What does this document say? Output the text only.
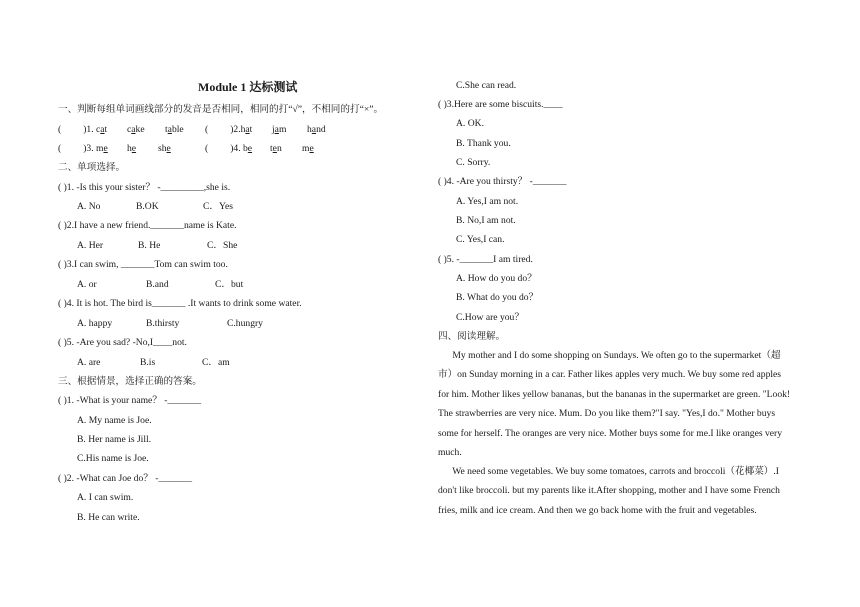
Module 1 达标测试
一、判断每组单词画线部分的发音是否相同，相同的打“√”，不相同的打“×”。
( )1. cat cake table ( )2.hat jam hand
( )3. me he she	( )4. be ten me
二、单项选择。
( )1. -Is this your sister？ -_________,she is.
A. No	B.OK	C．Yes
( )2.I have a new friend._______name is Kate.
A. Her	B. He	C．She
( )3.I can swim, _______Tom can swim too.
A. or	B.and	C．but
( )4. It is hot. The bird is_______ .It wants to drink some water.
A. happy	B.thirsty	C.hungry
( )5. -Are you sad? -No,I____not.
A. are	B.is	C．am
三、根据情景，选择正确的答案。
( )1. -What is your name？ -_______
A. My name is Joe.
B. Her name is Jill.
C.His name is Joe.
( )2. -What can Joe do？ -_______
A. I can swim.
B. He can write.
C.She can read.
( )3.Here are some biscuits.____
A. OK.
B. Thank you.
C. Sorry.
( )4. -Are you thirsty？ -_______
A. Yes,I am not.
B. No,I am not.
C. Yes,I can.
( )5. -_______I am tired.
A. How do you do？
B. What do you do？
C.How are you？
四、阅读理解。
My mother and I do some shopping on Sundays. We often go to the supermarket（超
市）on Sunday morning in a car. Father likes apples very much. We buy some red apples
for him. Mother likes yellow bananas, but the bananas in the supermarket are green. "Look!
The strawberries are very nice. Mum. Do you like them?"I say. "Yes,I do." Mother buys
some for herself. The oranges are very nice. Mother buys some for me.I like oranges very
much.
We need some vegetables. We buy some tomatoes, carrots and broccoli（花椰菜）.I
don't like broccoli. but my parents like it.After shopping, mother and I have some French
fries, milk and ice cream. And then we go back home with the fruit and vegetables.
